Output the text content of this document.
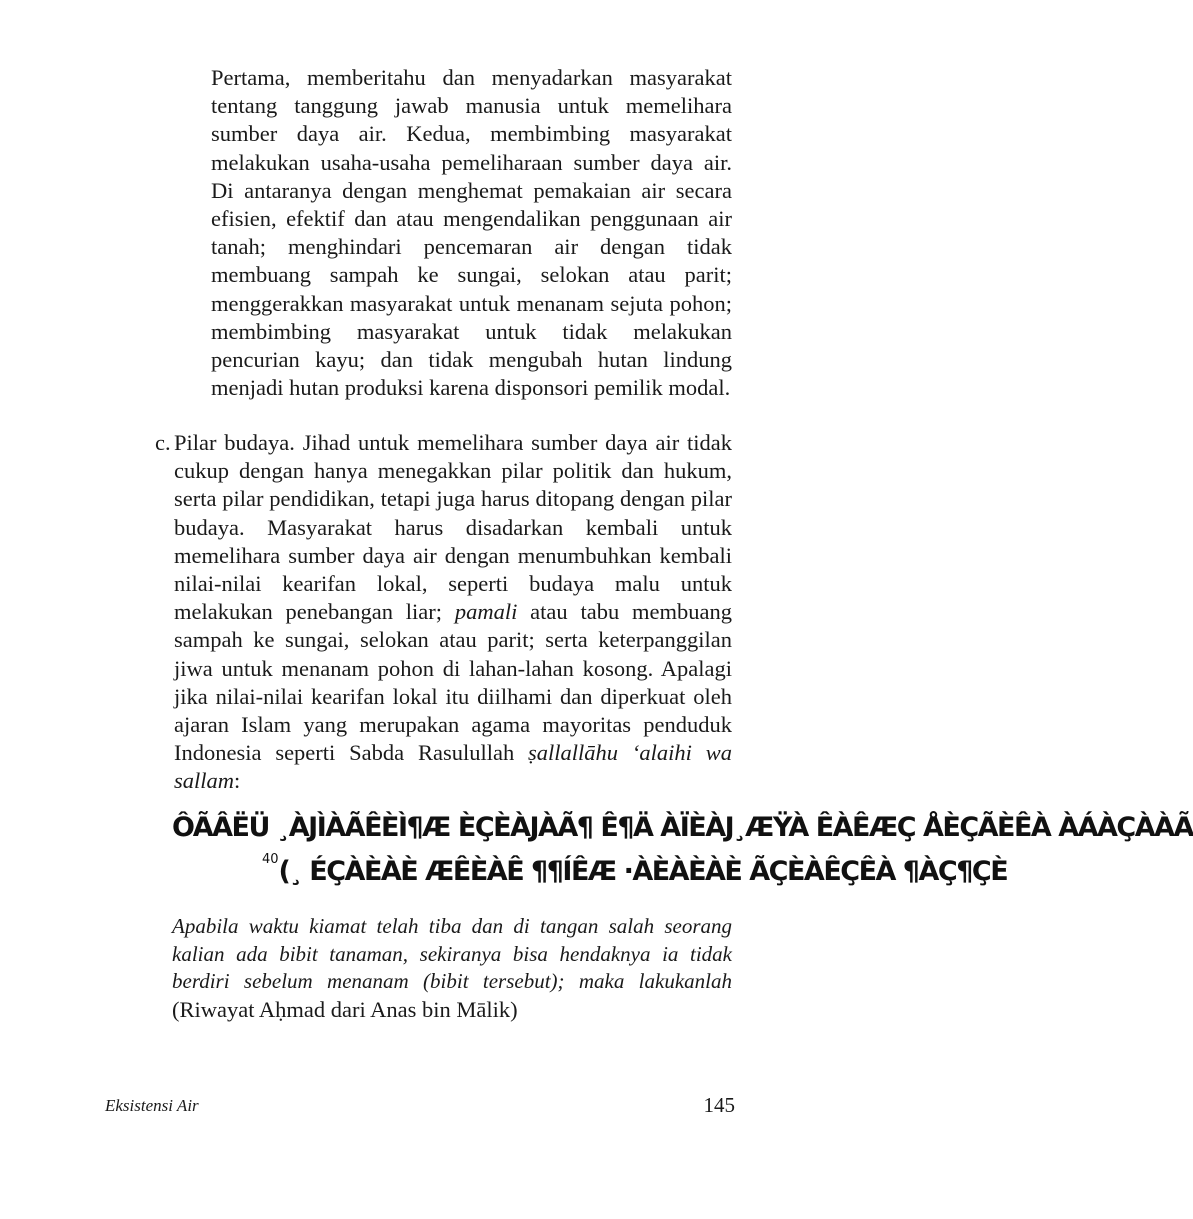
Pertama, memberitahu dan menyadarkan masyarakat tentang tanggung jawab manusia untuk memelihara sumber daya air. Kedua, membimbing masyarakat melakukan usaha-usaha pemeliharaan sumber daya air. Di antaranya dengan menghemat pemakaian air secara efisien, efektif dan atau mengendalikan penggunaan air tanah; menghindari pencemaran air dengan tidak membuang sampah ke sungai, selokan atau parit; menggerakkan masyarakat untuk menanam sejuta pohon; membimbing masyarakat untuk tidak melakukan pencurian kayu; dan tidak mengubah hutan lindung menjadi hutan produksi karena disponsori pemilik modal.

c. Pilar budaya. Jihad untuk memelihara sumber daya air tidak cukup dengan hanya menegakkan pilar politik dan hukum, serta pilar pendidikan, tetapi juga harus ditopang dengan pilar budaya. Masyarakat harus disadarkan kembali untuk memelihara sumber daya air dengan menumbuhkan kembali nilai-nilai kearifan lokal, seperti budaya malu untuk melakukan penebangan liar; pamali atau tabu membuang sampah ke sungai, selokan atau parit; serta keterpanggilan jiwa untuk menanam pohon di lahan-lahan kosong. Apalagi jika nilai-nilai kearifan lokal itu diilhami dan diperkuat oleh ajaran Islam yang merupakan agama mayoritas penduduk Indonesia seperti Sabda Rasulullah ṣallallāhu ‘alaihi wa sallam:

ÔÃÂËÜ ¸ÀJÌÀÃÊÈÌ¶Æ ÈÇÈÀJÀÃ¶ Ê¶Ä ÀÏÈÀJ¸ÆŸÀ ÊÀÊÆÇ ÅÈÇÃÈÊÀ ÀÁÀÇÀÀÃ
$^{40}$(¸ ÉÇÀÈÀÈ ÆÊÈÀÊ ¶¶ÍÊÆ ·ÀÈÀÈÀÈ ÃÇÈÀÊÇÊÀ ¶ÀÇ¶ÇÈ

Apabila waktu kiamat telah tiba dan di tangan salah seorang kalian ada bibit tanaman, sekiranya bisa hendaknya ia tidak berdiri sebelum menanam (bibit tersebut); maka lakukanlah

(Riwayat Aḥmad dari Anas bin Mālik)

Eksistensi Air	145
